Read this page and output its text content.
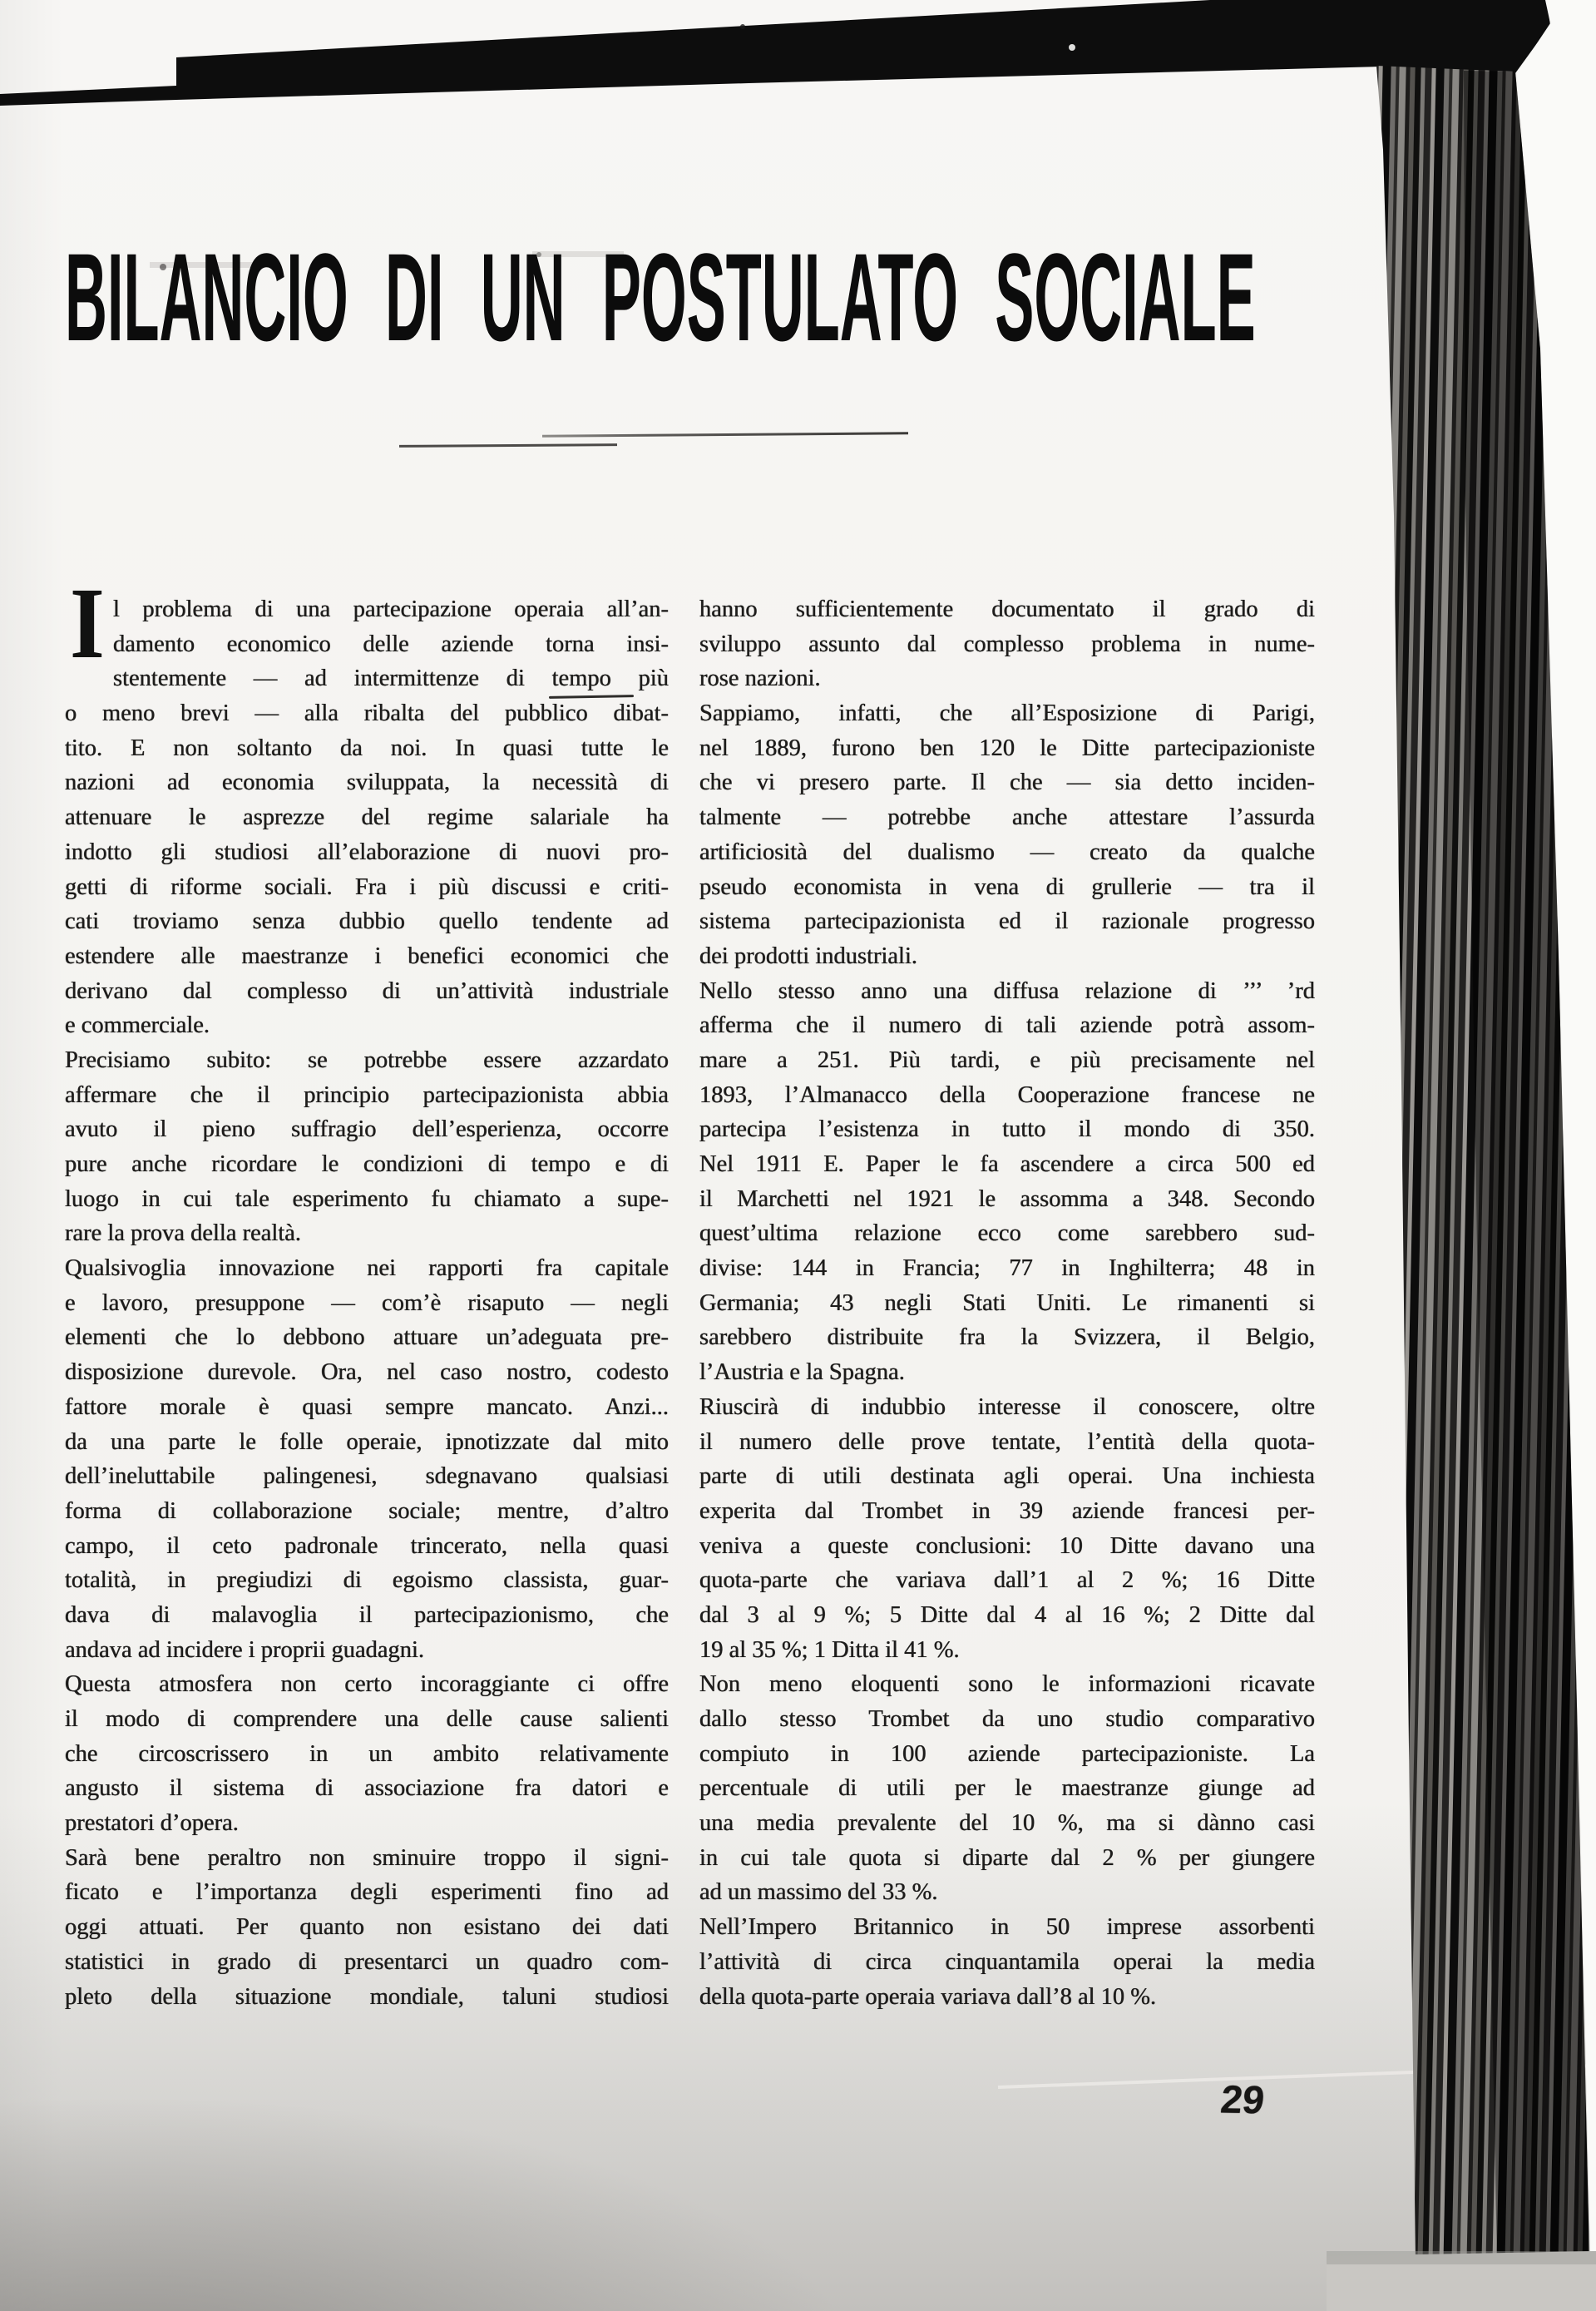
BILANCIO DI UN POSTULATO SOCIALE
I l problema di una partecipazione operaia all’an-
damento economico delle aziende torna insi-
stentemente — ad intermittenze di tempo più
o meno brevi — alla ribalta del pubblico dibat-
tito. E non soltanto da noi. In quasi tutte le
nazioni ad economia sviluppata, la necessità di
attenuare le asprezze del regime salariale ha
indotto gli studiosi all’elaborazione di nuovi pro-
getti di riforme sociali. Fra i più discussi e criti-
cati troviamo senza dubbio quello tendente ad
estendere alle maestranze i benefici economici che
derivano dal complesso di un’attività industriale
e commerciale.
Precisiamo subito: se potrebbe essere azzardato
affermare che il principio partecipazionista abbia
avuto il pieno suffragio dell’esperienza, occorre
pure anche ricordare le condizioni di tempo e di
luogo in cui tale esperimento fu chiamato a supe-
rare la prova della realtà.
Qualsivoglia innovazione nei rapporti fra capitale
e lavoro, presuppone — com’è risaputo — negli
elementi che lo debbono attuare un’adeguata pre-
disposizione durevole. Ora, nel caso nostro, codesto
fattore morale è quasi sempre mancato. Anzi...
da una parte le folle operaie, ipnotizzate dal mito
dell’ineluttabile palingenesi, sdegnavano qualsiasi
forma di collaborazione sociale; mentre, d’altro
campo, il ceto padronale trincerato, nella quasi
totalità, in pregiudizi di egoismo classista, guar-
dava di malavoglia il partecipazionismo, che
andava ad incidere i proprii guadagni.
Questa atmosfera non certo incoraggiante ci offre
il modo di comprendere una delle cause salienti
che circoscrissero in un ambito relativamente
angusto il sistema di associazione fra datori e
prestatori d’opera.
Sarà bene peraltro non sminuire troppo il signi-
ficato e l’importanza degli esperimenti fino ad
oggi attuati. Per quanto non esistano dei dati
statistici in grado di presentarci un quadro com-
pleto della situazione mondiale, taluni studiosi
hanno sufficientemente documentato il grado di
sviluppo assunto dal complesso problema in nume-
rose nazioni.
Sappiamo, infatti, che all’Esposizione di Parigi,
nel 1889, furono ben 120 le Ditte partecipazioniste
che vi presero parte. Il che — sia detto inciden-
talmente — potrebbe anche attestare l’assurda
artificiosità del dualismo — creato da qualche
pseudo economista in vena di grullerie — tra il
sistema partecipazionista ed il razionale progresso
dei prodotti industriali.
Nello stesso anno una diffusa relazione di ’’’ ’rd
afferma che il numero di tali aziende potrà assom-
mare a 251. Più tardi, e più precisamente nel
1893, l’Almanacco della Cooperazione francese ne
partecipa l’esistenza in tutto il mondo di 350.
Nel 1911 E. Paper le fa ascendere a circa 500 ed
il Marchetti nel 1921 le assomma a 348. Secondo
quest’ultima relazione ecco come sarebbero sud-
divise: 144 in Francia; 77 in Inghilterra; 48 in
Germania; 43 negli Stati Uniti. Le rimanenti si
sarebbero distribuite fra la Svizzera, il Belgio,
l’Austria e la Spagna.
Riuscirà di indubbio interesse il conoscere, oltre
il numero delle prove tentate, l’entità della quota-
parte di utili destinata agli operai. Una inchiesta
experita dal Trombet in 39 aziende francesi per-
veniva a queste conclusioni: 10 Ditte davano una
quota-parte che variava dall’1 al 2 %; 16 Ditte
dal 3 al 9 %; 5 Ditte dal 4 al 16 %; 2 Ditte dal
19 al 35 %; 1 Ditta il 41 %.
Non meno eloquenti sono le informazioni ricavate
dallo stesso Trombet da uno studio comparativo
compiuto in 100 aziende partecipazioniste. La
percentuale di utili per le maestranze giunge ad
una media prevalente del 10 %, ma si dànno casi
in cui tale quota si diparte dal 2 % per giungere
ad un massimo del 33 %.
Nell’Impero Britannico in 50 imprese assorbenti
l’attività di circa cinquantamila operai la media
della quota-parte operaia variava dall’8 al 10 %.
29
